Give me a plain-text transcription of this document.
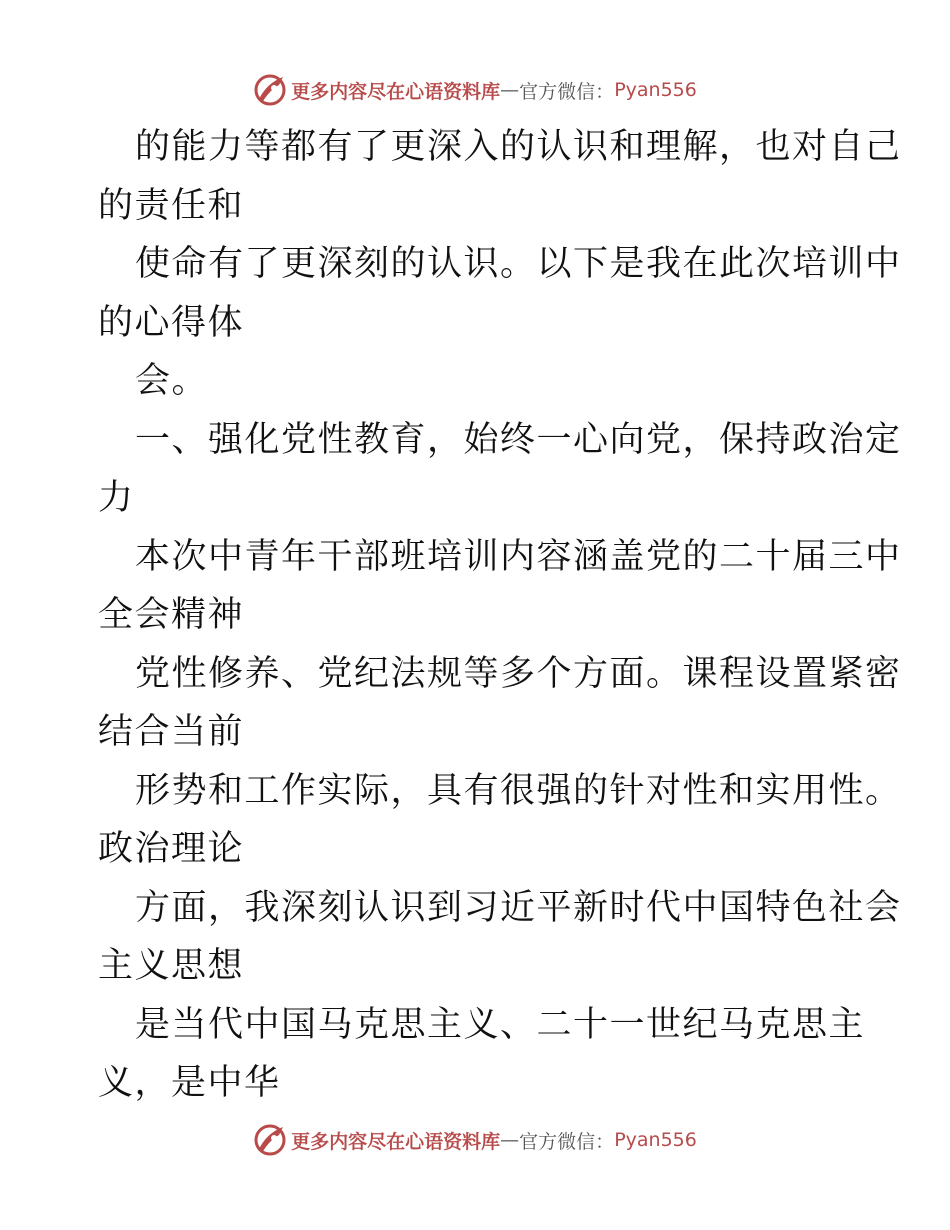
更多内容尽在心语资料库 — 官方微信： Pyan556
的能力等都有了更深入的认识和理解，也对自己
的责任和
使命有了更深刻的认识。以下是我在此次培训中
的心得体
会。
一、强化党性教育，始终一心向党，保持政治定
力
本次中青年干部班培训内容涵盖党的二十届三中
全会精神
党性修养、党纪法规等多个方面。课程设置紧密
结合当前
形势和工作实际，具有很强的针对性和实用性。
政治理论
方面，我深刻认识到习近平新时代中国特色社会
主义思想
是当代中国马克思主义、二十一世纪马克思主
义，是中华
更多内容尽在心语资料库 — 官方微信： Pyan556
